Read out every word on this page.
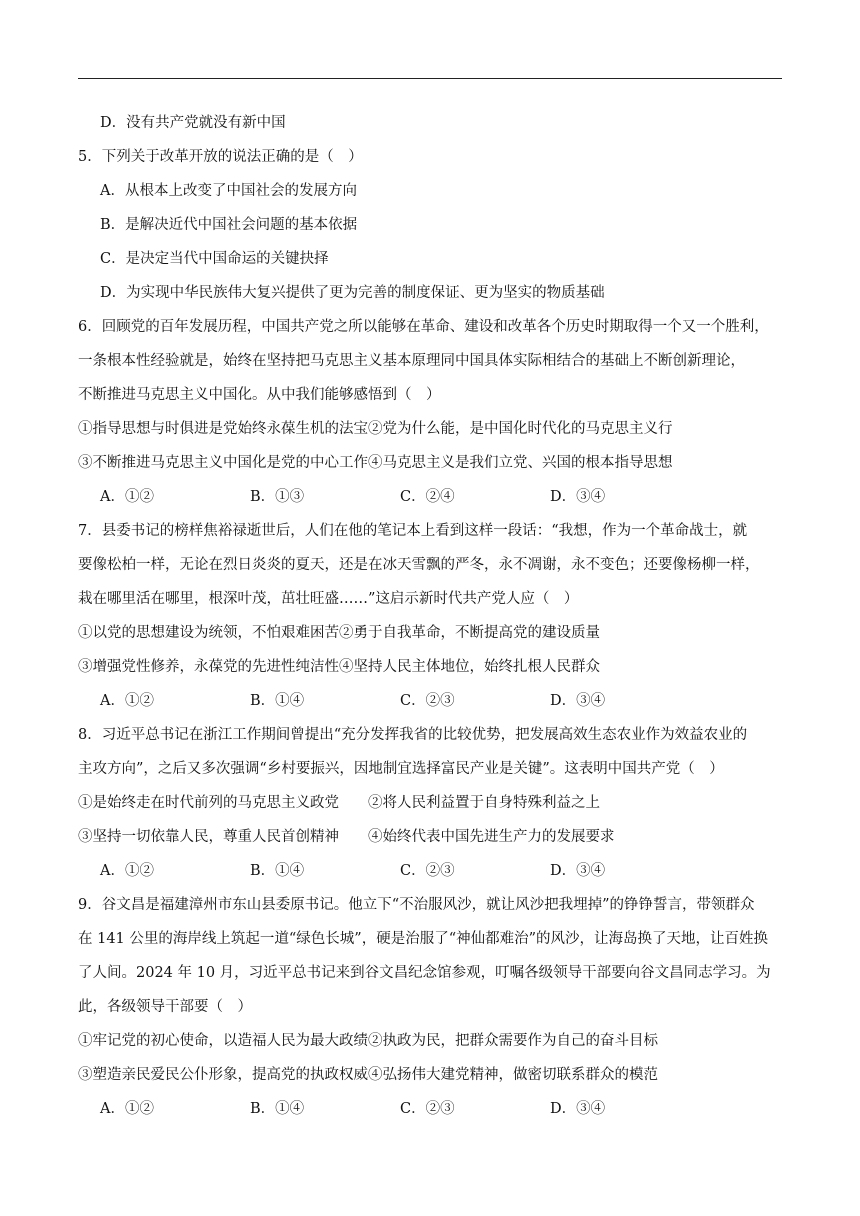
D．没有共产党就没有新中国
5．下列关于改革开放的说法正确的是（　）
A．从根本上改变了中国社会的发展方向
B．是解决近代中国社会问题的基本依据
C．是决定当代中国命运的关键抉择
D．为实现中华民族伟大复兴提供了更为完善的制度保证、更为坚实的物质基础
6．回顾党的百年发展历程，中国共产党之所以能够在革命、建设和改革各个历史时期取得一个又一个胜利，
一条根本性经验就是，始终在坚持把马克思主义基本原理同中国具体实际相结合的基础上不断创新理论，
不断推进马克思主义中国化。从中我们能够感悟到（　）
①指导思想与时俱进是党始终永葆生机的法宝②党为什么能，是中国化时代化的马克思主义行
③不断推进马克思主义中国化是党的中心工作④马克思主义是我们立党、兴国的根本指导思想
A．①②	B．①③	C．②④	D．③④
7．县委书记的榜样焦裕禄逝世后，人们在他的笔记本上看到这样一段话：“我想，作为一个革命战士，就
要像松柏一样，无论在烈日炎炎的夏天，还是在冰天雪飘的严冬，永不凋谢，永不变色；还要像杨柳一样，
栽在哪里活在哪里，根深叶茂，茁壮旺盛……”这启示新时代共产党人应（　）
①以党的思想建设为统领，不怕艰难困苦②勇于自我革命，不断提高党的建设质量
③增强党性修养，永葆党的先进性纯洁性④坚持人民主体地位，始终扎根人民群众
A．①②	B．①④	C．②③	D．③④
8．习近平总书记在浙江工作期间曾提出“充分发挥我省的比较优势，把发展高效生态农业作为效益农业的
主攻方向”，之后又多次强调“乡村要振兴，因地制宜选择富民产业是关键”。这表明中国共产党（　）
①是始终走在时代前列的马克思主义政党　　②将人民利益置于自身特殊利益之上
③坚持一切依靠人民，尊重人民首创精神　　④始终代表中国先进生产力的发展要求
A．①②	B．①④	C．②③	D．③④
9．谷文昌是福建漳州市东山县委原书记。他立下“不治服风沙，就让风沙把我埋掉”的铮铮誓言，带领群众
在 141 公里的海岸线上筑起一道“绿色长城”，硬是治服了“神仙都难治”的风沙，让海岛换了天地，让百姓换
了人间。2024 年 10 月，习近平总书记来到谷文昌纪念馆参观，叮嘱各级领导干部要向谷文昌同志学习。为
此，各级领导干部要（　）
①牢记党的初心使命，以造福人民为最大政绩②执政为民，把群众需要作为自己的奋斗目标
③塑造亲民爱民公仆形象，提高党的执政权威④弘扬伟大建党精神，做密切联系群众的模范
A．①②	B．①④	C．②③	D．③④
